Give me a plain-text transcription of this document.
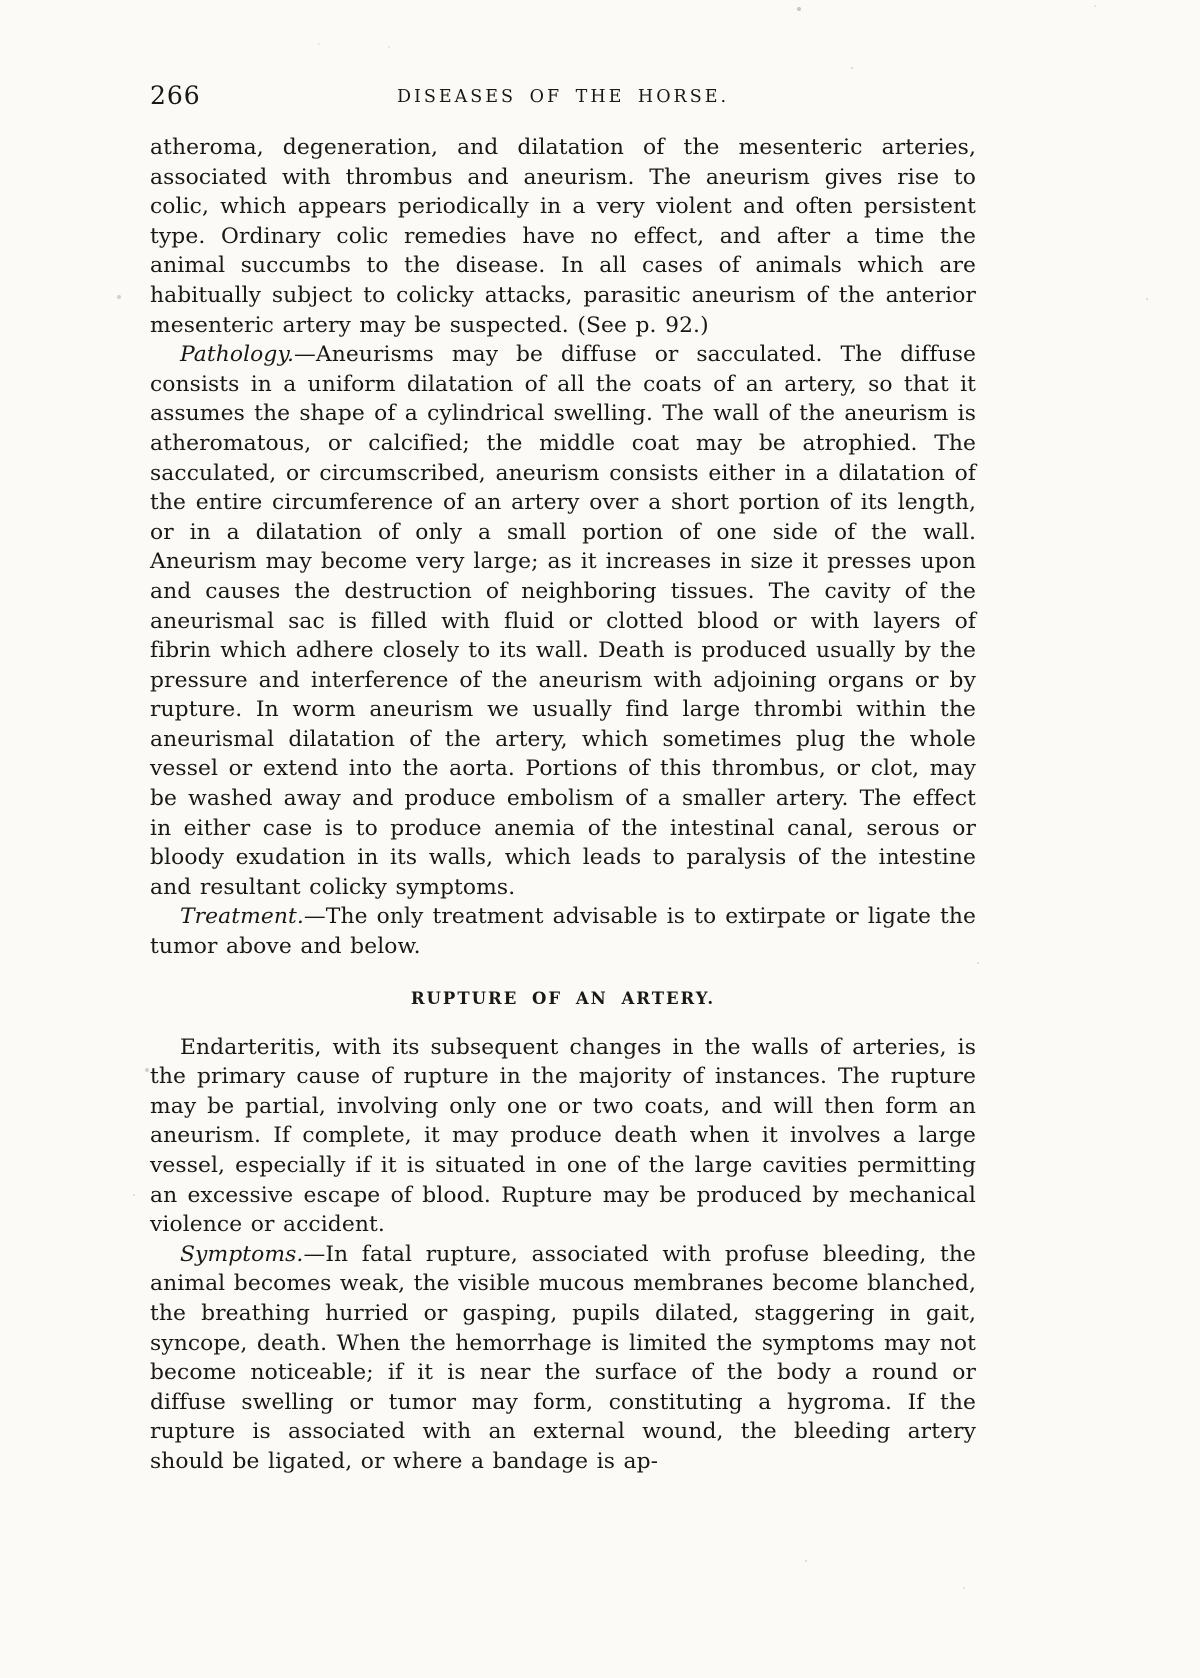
266	DISEASES OF THE HORSE.

atheroma, degeneration, and dilatation of the mesenteric arteries, associated with thrombus and aneurism. The aneurism gives rise to colic, which appears periodically in a very violent and often persistent type. Ordinary colic remedies have no effect, and after a time the animal succumbs to the disease. In all cases of animals which are habitually subject to colicky attacks, parasitic aneurism of the anterior mesenteric artery may be suspected. (See p. 92.)

Pathology.—Aneurisms may be diffuse or sacculated. The diffuse consists in a uniform dilatation of all the coats of an artery, so that it assumes the shape of a cylindrical swelling. The wall of the aneurism is atheromatous, or calcified; the middle coat may be atrophied. The sacculated, or circumscribed, aneurism consists either in a dilatation of the entire circumference of an artery over a short portion of its length, or in a dilatation of only a small portion of one side of the wall. Aneurism may become very large; as it increases in size it presses upon and causes the destruction of neighboring tissues. The cavity of the aneurismal sac is filled with fluid or clotted blood or with layers of fibrin which adhere closely to its wall. Death is produced usually by the pressure and interference of the aneurism with adjoining organs or by rupture. In worm aneurism we usually find large thrombi within the aneurismal dilatation of the artery, which sometimes plug the whole vessel or extend into the aorta. Portions of this thrombus, or clot, may be washed away and produce embolism of a smaller artery. The effect in either case is to produce anemia of the intestinal canal, serous or bloody exudation in its walls, which leads to paralysis of the intestine and resultant colicky symptoms.

Treatment.—The only treatment advisable is to extirpate or ligate the tumor above and below.

RUPTURE OF AN ARTERY.

Endarteritis, with its subsequent changes in the walls of arteries, is the primary cause of rupture in the majority of instances. The rupture may be partial, involving only one or two coats, and will then form an aneurism. If complete, it may produce death when it involves a large vessel, especially if it is situated in one of the large cavities permitting an excessive escape of blood. Rupture may be produced by mechanical violence or accident.

Symptoms.—In fatal rupture, associated with profuse bleeding, the animal becomes weak, the visible mucous membranes become blanched, the breathing hurried or gasping, pupils dilated, staggering in gait, syncope, death. When the hemorrhage is limited the symptoms may not become noticeable; if it is near the surface of the body a round or diffuse swelling or tumor may form, constituting a hygroma. If the rupture is associated with an external wound, the bleeding artery should be ligated, or where a bandage is ap-
